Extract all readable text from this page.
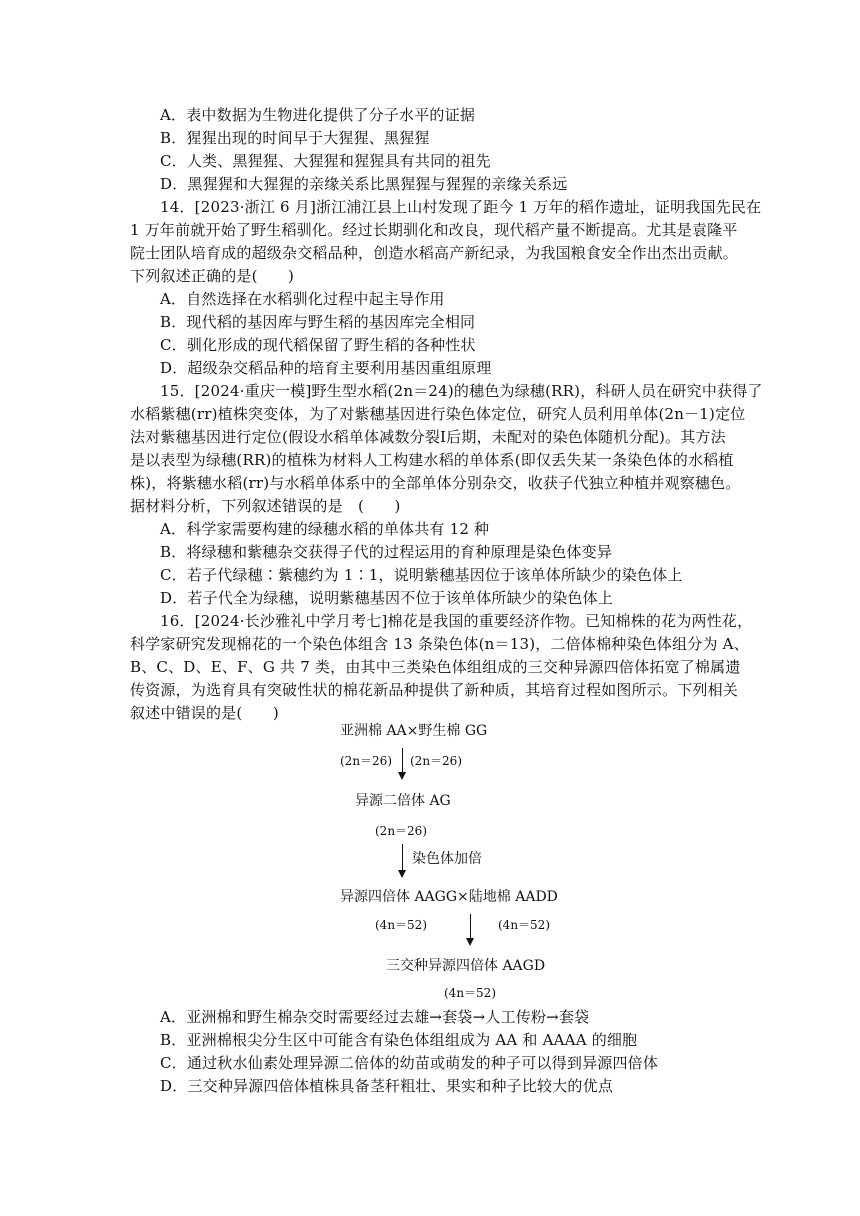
A．表中数据为生物进化提供了分子水平的证据
B．猩猩出现的时间早于大猩猩、黑猩猩
C．人类、黑猩猩、大猩猩和猩猩具有共同的祖先
D．黑猩猩和大猩猩的亲缘关系比黑猩猩与猩猩的亲缘关系远
14．[2023·浙江 6 月]浙江浦江县上山村发现了距今 1 万年的稻作遗址，证明我国先民在
1 万年前就开始了野生稻驯化。经过长期驯化和改良，现代稻产量不断提高。尤其是袁隆平
院士团队培育成的超级杂交稻品种，创造水稻高产新纪录，为我国粮食安全作出杰出贡献。
下列叙述正确的是(　　)
A．自然选择在水稻驯化过程中起主导作用
B．现代稻的基因库与野生稻的基因库完全相同
C．驯化形成的现代稻保留了野生稻的各种性状
D．超级杂交稻品种的培育主要利用基因重组原理
15．[2024·重庆一模]野生型水稻(2n＝24)的穗色为绿穗(RR)，科研人员在研究中获得了
水稻紫穗(rr)植株突变体，为了对紫穗基因进行染色体定位，研究人员利用单体(2n－1)定位
法对紫穗基因进行定位(假设水稻单体减数分裂Ⅰ后期，未配对的染色体随机分配)。其方法
是以表型为绿穗(RR)的植株为材料人工构建水稻的单体系(即仅丢失某一条染色体的水稻植
株)，将紫穗水稻(rr)与水稻单体系中的全部单体分别杂交，收获子代独立种植并观察穗色。
据材料分析，下列叙述错误的是　(　　)
A．科学家需要构建的绿穗水稻的单体共有 12 种
B．将绿穗和紫穗杂交获得子代的过程运用的育种原理是染色体变异
C．若子代绿穗∶紫穗约为 1∶1，说明紫穗基因位于该单体所缺少的染色体上
D．若子代全为绿穗，说明紫穗基因不位于该单体所缺少的染色体上
16．[2024·长沙雅礼中学月考七]棉花是我国的重要经济作物。已知棉株的花为两性花，
科学家研究发现棉花的一个染色体组含 13 条染色体(n＝13)，二倍体棉种染色体组分为 A、
B、C、D、E、F、G 共 7 类，由其中三类染色体组组成的三交种异源四倍体拓宽了棉属遗
传资源，为选育具有突破性状的棉花新品种提供了新种质，其培育过程如图所示。下列相关
叙述中错误的是(　　)
亚洲棉 AA×野生棉 GG
(2n＝26) (2n＝26)
异源二倍体 AG
(2n＝26)
染色体加倍
异源四倍体 AAGG×陆地棉 AADD
(4n＝52)	(4n＝52)
三交种异源四倍体 AAGD
(4n＝52)
A．亚洲棉和野生棉杂交时需要经过去雄→套袋→人工传粉→套袋
B．亚洲棉根尖分生区中可能含有染色体组组成为 AA 和 AAAA 的细胞
C．通过秋水仙素处理异源二倍体的幼苗或萌发的种子可以得到异源四倍体
D．三交种异源四倍体植株具备茎秆粗壮、果实和种子比较大的优点
